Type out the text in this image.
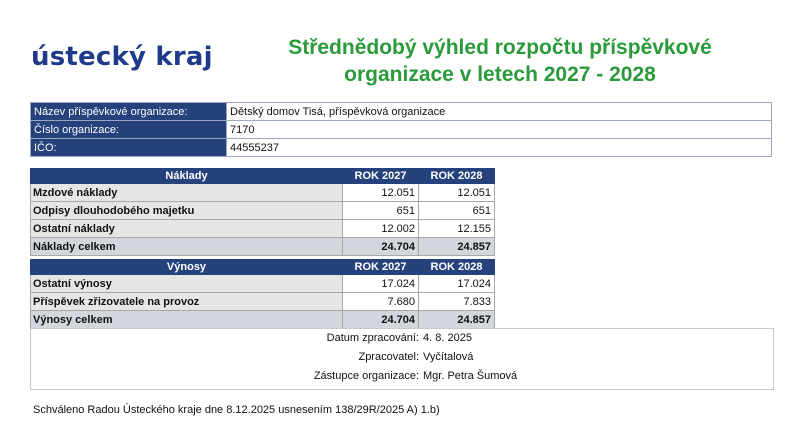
ústecký kraj	Střednědobý výhled rozpočtu příspěvkové
organizace v letech 2027 - 2028
Název příspěvkové organizace:	Dětský domov Tisá, příspěvková organizace
Číslo organizace:	7170
IČO:	44555237
Náklady	ROK 2027	ROK 2028
Mzdové náklady	12.051	12.051
Odpisy dlouhodobého majetku	651	651
Ostatní náklady	12.002	12.155
Náklady celkem	24.704	24.857
Výnosy	ROK 2027	ROK 2028
Ostatní výnosy	17.024	17.024
Příspěvek zřizovatele na provoz	7.680	7.833
Výnosy celkem	24.704	24.857
Datum zpracování: 4. 8. 2025
Zpracovatel: Vyčítalová
Zástupce organizace: Mgr. Petra Šumová
Schváleno Radou Ústeckého kraje dne 8.12.2025 usnesením 138/29R/2025 A) 1.b)
